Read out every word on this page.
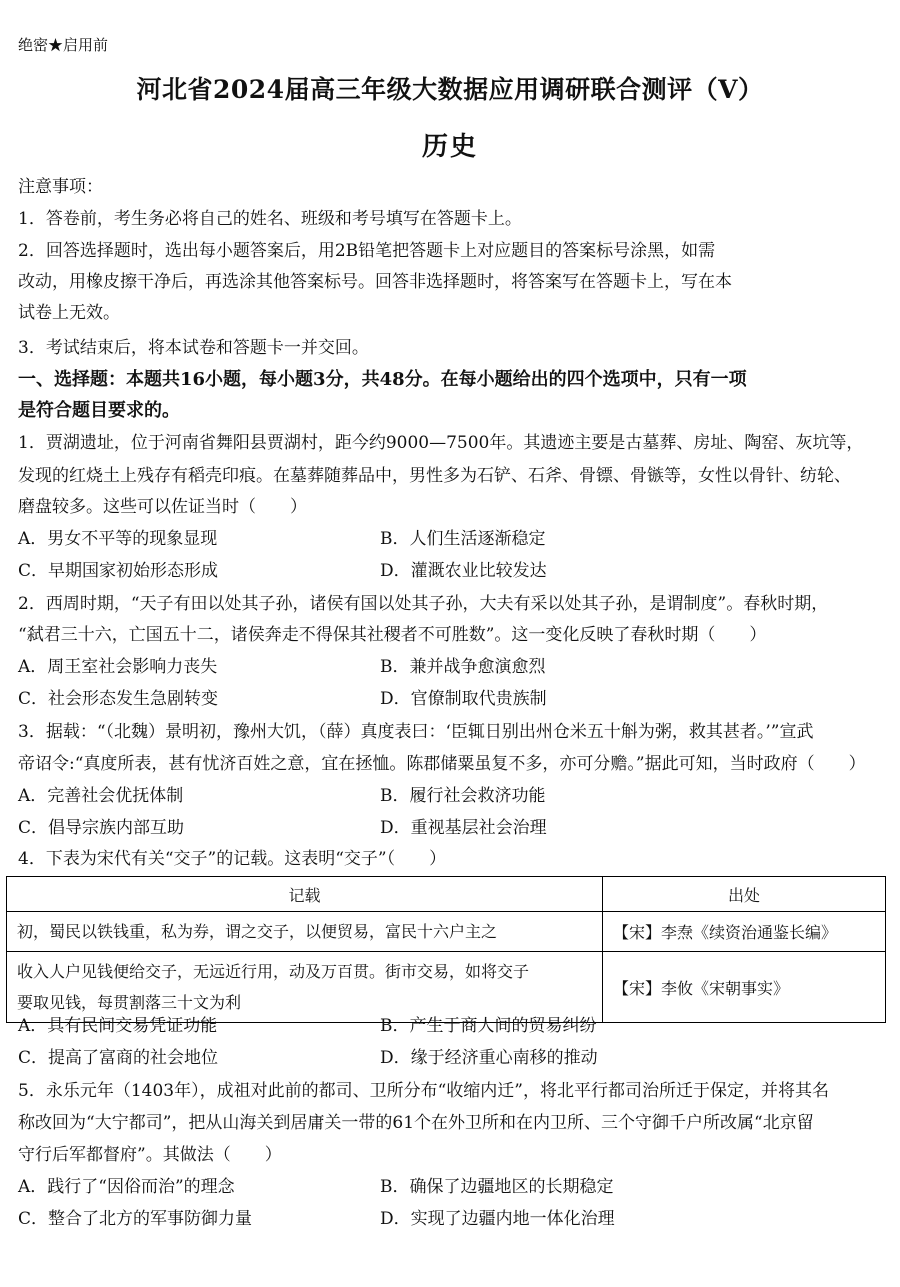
绝密★启用前
河北省2024届高三年级大数据应用调研联合测评（Ⅴ）
历史
注意事项：
1．答卷前，考生务必将自己的姓名、班级和考号填写在答题卡上。
2．回答选择题时，选出每小题答案后，用2B铅笔把答题卡上对应题目的答案标号涂黑，如需
改动，用橡皮擦干净后，再选涂其他答案标号。回答非选择题时，将答案写在答题卡上，写在本
试卷上无效。
3．考试结束后，将本试卷和答题卡一并交回。
一、选择题：本题共16小题，每小题3分，共48分。在每小题给出的四个选项中，只有一项
是符合题目要求的。
1．贾湖遗址，位于河南省舞阳县贾湖村，距今约9000—7500年。其遗迹主要是古墓葬、房址、陶窑、灰坑等，
发现的红烧土上残存有稻壳印痕。在墓葬随葬品中，男性多为石铲、石斧、骨镖、骨镞等，女性以骨针、纺轮、
磨盘较多。这些可以佐证当时（　　）
A．男女不平等的现象显现	B．人们生活逐渐稳定
C．早期国家初始形态形成	D．灌溉农业比较发达
2．西周时期，“天子有田以处其子孙，诸侯有国以处其子孙，大夫有采以处其子孙，是谓制度”。春秋时期，
“弑君三十六，亡国五十二，诸侯奔走不得保其社稷者不可胜数”。这一变化反映了春秋时期（　　）
A．周王室社会影响力丧失	B．兼并战争愈演愈烈
C．社会形态发生急剧转变	D．官僚制取代贵族制
3．据载：“（北魏）景明初，豫州大饥，（薛）真度表曰：‘臣辄日别出州仓米五十斛为粥，救其甚者。’”宣武
帝诏令:“真度所表，甚有忧济百姓之意，宜在拯恤。陈郡储粟虽复不多，亦可分赡。”据此可知，当时政府（　　）
A．完善社会优抚体制	B．履行社会救济功能
C．倡导宗族内部互助	D．重视基层社会治理
4．下表为宋代有关“交子”的记载。这表明“交子”（　　）
记载	出处
初，蜀民以铁钱重，私为券，谓之交子，以便贸易，富民十六户主之	【宋】李焘《续资治通鉴长编》

收入人户见钱便给交子，无远近行用，动及万百贯。街市交易，如将交子
要取见钱，每贯割落三十文为利	【宋】李攸《宋朝事实》
A．具有民间交易凭证功能	B．产生于商人间的贸易纠纷
C．提高了富商的社会地位	D．缘于经济重心南移的推动
5．永乐元年（1403年），成祖对此前的都司、卫所分布“收缩内迁”，将北平行都司治所迁于保定，并将其名
称改回为“大宁都司”，把从山海关到居庸关一带的61个在外卫所和在内卫所、三个守御千户所改属“北京留
守行后军都督府”。其做法（　　）
A．践行了“因俗而治”的理念	B．确保了边疆地区的长期稳定
C．整合了北方的军事防御力量	D．实现了边疆内地一体化治理
